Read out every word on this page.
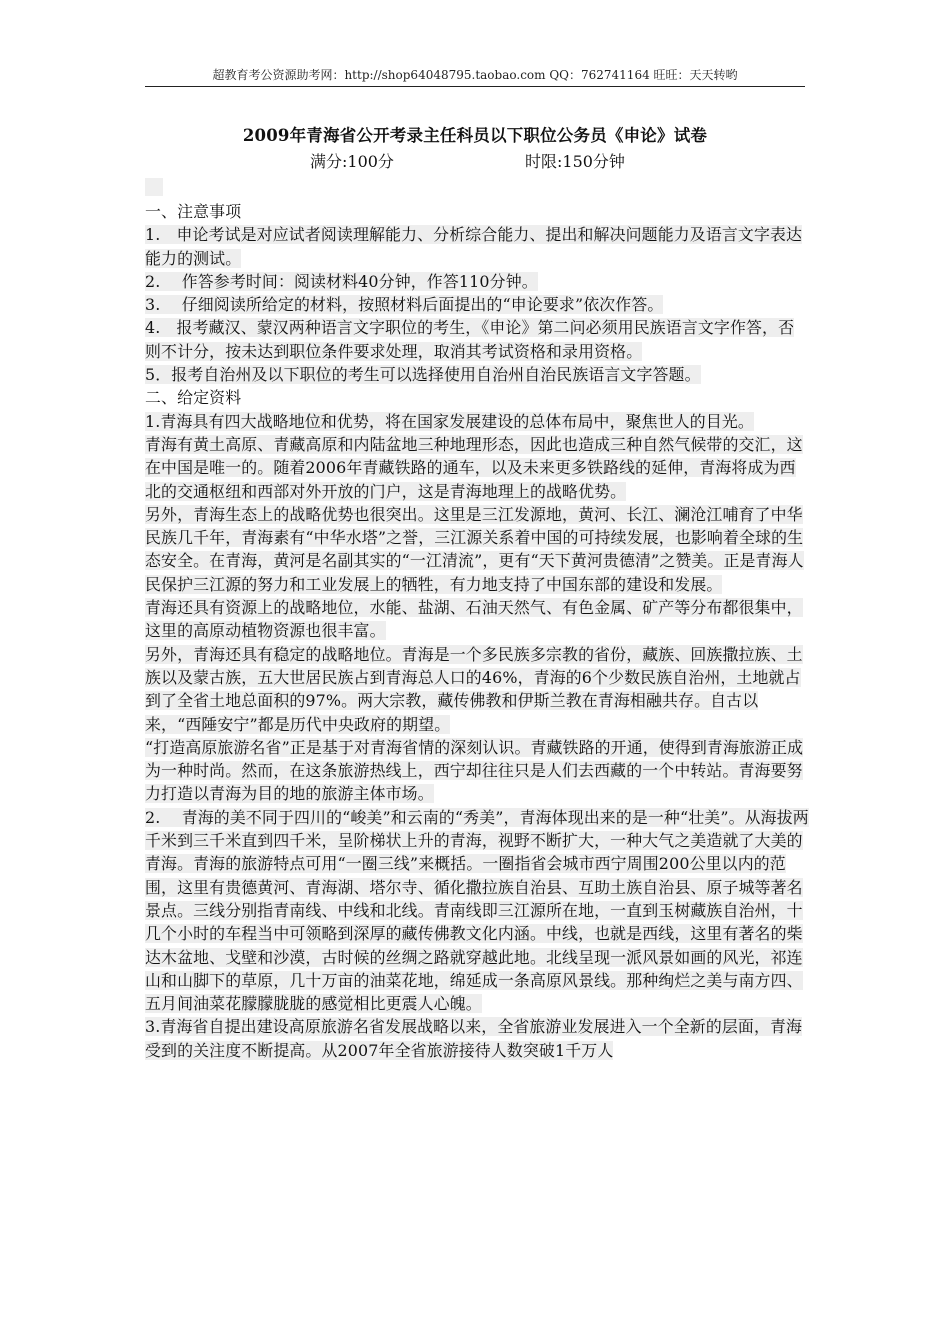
超教育考公资源助考网：http://shop64048795.taobao.com QQ：762741164 旺旺：天天转哟
2009年青海省公开考录主任科员以下职位公务员《申论》试卷
满分:100分	时限:150分钟

一、注意事项

1.　申论考试是对应试者阅读理解能力、分析综合能力、提出和解决问题能力及语言文字表达能力的测试。

2.　 作答参考时间：阅读材料40分钟，作答110分钟。

3.　 仔细阅读所给定的材料，按照材料后面提出的“申论要求”依次作答。

4.　报考藏汉、蒙汉两种语言文字职位的考生，《申论》第二问必须用民族语言文字作答，否则不计分，按未达到职位条件要求处理，取消其考试资格和录用资格。

5．报考自治州及以下职位的考生可以选择使用自治州自治民族语言文字答题。

二、给定资料

1.青海具有四大战略地位和优势，将在国家发展建设的总体布局中，聚焦世人的目光。

青海有黄土高原、青藏高原和内陆盆地三种地理形态，因此也造成三种自然气候带的交汇，这在中国是唯一的。随着2006年青藏铁路的通车，以及未来更多铁路线的延伸，青海将成为西北的交通枢纽和西部对外开放的门户，这是青海地理上的战略优势。

另外，青海生态上的战略优势也很突出。这里是三江发源地，黄河、长江、澜沧江哺育了中华民族几千年，青海素有“中华水塔”之誉，三江源关系着中国的可持续发展，也影响着全球的生态安全。在青海，黄河是名副其实的“一江清流”，更有“天下黄河贵德清”之赞美。正是青海人民保护三江源的努力和工业发展上的牺牲，有力地支持了中国东部的建设和发展。

青海还具有资源上的战略地位，水能、盐湖、石油天然气、有色金属、矿产等分布都很集中，这里的高原动植物资源也很丰富。

另外，青海还具有稳定的战略地位。青海是一个多民族多宗教的省份，藏族、回族撒拉族、土族以及蒙古族，五大世居民族占到青海总人口的46%，青海的6个少数民族自治州，土地就占到了全省土地总面积的97%。两大宗教，藏传佛教和伊斯兰教在青海相融共存。自古以来，“西陲安宁”都是历代中央政府的期望。

“打造高原旅游名省”正是基于对青海省情的深刻认识。青藏铁路的开通，使得到青海旅游正成为一种时尚。然而，在这条旅游热线上，西宁却往往只是人们去西藏的一个中转站。青海要努力打造以青海为目的地的旅游主体市场。

2.　 青海的美不同于四川的“峻美”和云南的“秀美”，青海体现出来的是一种“壮美”。从海拔两千米到三千米直到四千米，呈阶梯状上升的青海，视野不断扩大，一种大气之美造就了大美的青海。青海的旅游特点可用“一圈三线”来概括。一圈指省会城市西宁周围200公里以内的范围，这里有贵德黄河、青海湖、塔尔寺、循化撒拉族自治县、互助土族自治县、原子城等著名景点。三线分别指青南线、中线和北线。青南线即三江源所在地，一直到玉树藏族自治州，十几个小时的车程当中可领略到深厚的藏传佛教文化内涵。中线，也就是西线，这里有著名的柴达木盆地、戈壁和沙漠，古时候的丝绸之路就穿越此地。北线呈现一派风景如画的风光，祁连山和山脚下的草原，几十万亩的油菜花地，绵延成一条高原风景线。那种绚烂之美与南方四、五月间油菜花朦朦胧胧的感觉相比更震人心魄。

3.青海省自提出建设高原旅游名省发展战略以来，全省旅游业发展进入一个全新的层面，青海受到的关注度不断提高。从2007年全省旅游接待人数突破1千万人
